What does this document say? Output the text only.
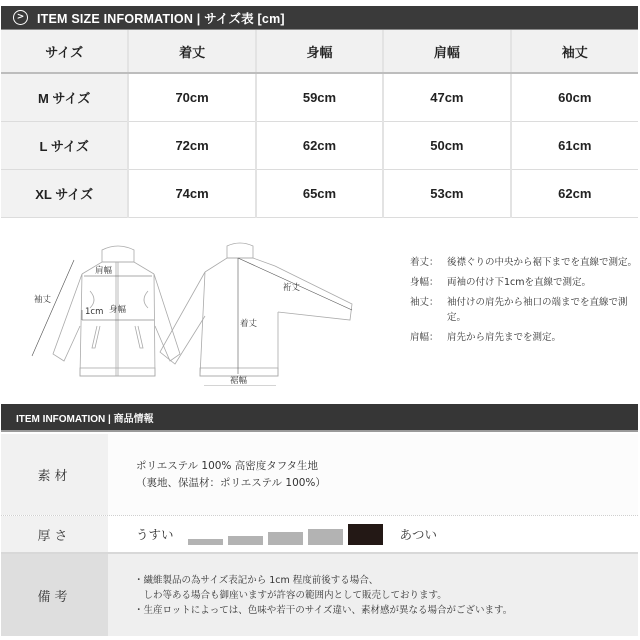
> ITEM SIZE INFORMATION | サイズ表 [cm]
サイズ	着丈	身幅	肩幅	袖丈
M サイズ	70cm	59cm	47cm	60cm
L サイズ	72cm	62cm	50cm	61cm
XL サイズ	74cm	65cm	53cm	62cm
肩幅
袖丈
1cm 身幅
裄丈
着丈
裾幅
着丈： 後襟ぐりの中央から裾下までを直線で測定。
身幅： 両袖の付け下1cmを直線で測定。
袖丈： 袖付けの肩先から袖口の端までを直線で測定。
肩幅： 肩先から肩先までを測定。
ITEM INFOMATION | 商品情報
素材
ポリエステル 100% 高密度タフタ生地
（裏地、保温材：ポリエステル 100%）
厚さ	うすい	あつい
備考
・繊維製品の為サイズ表記から 1cm 程度前後する場合、
　しわ等ある場合も御座いますが許容の範囲内として販売しております。
・生産ロットによっては、色味や若干のサイズ違い、素材感が異なる場合がございます。
